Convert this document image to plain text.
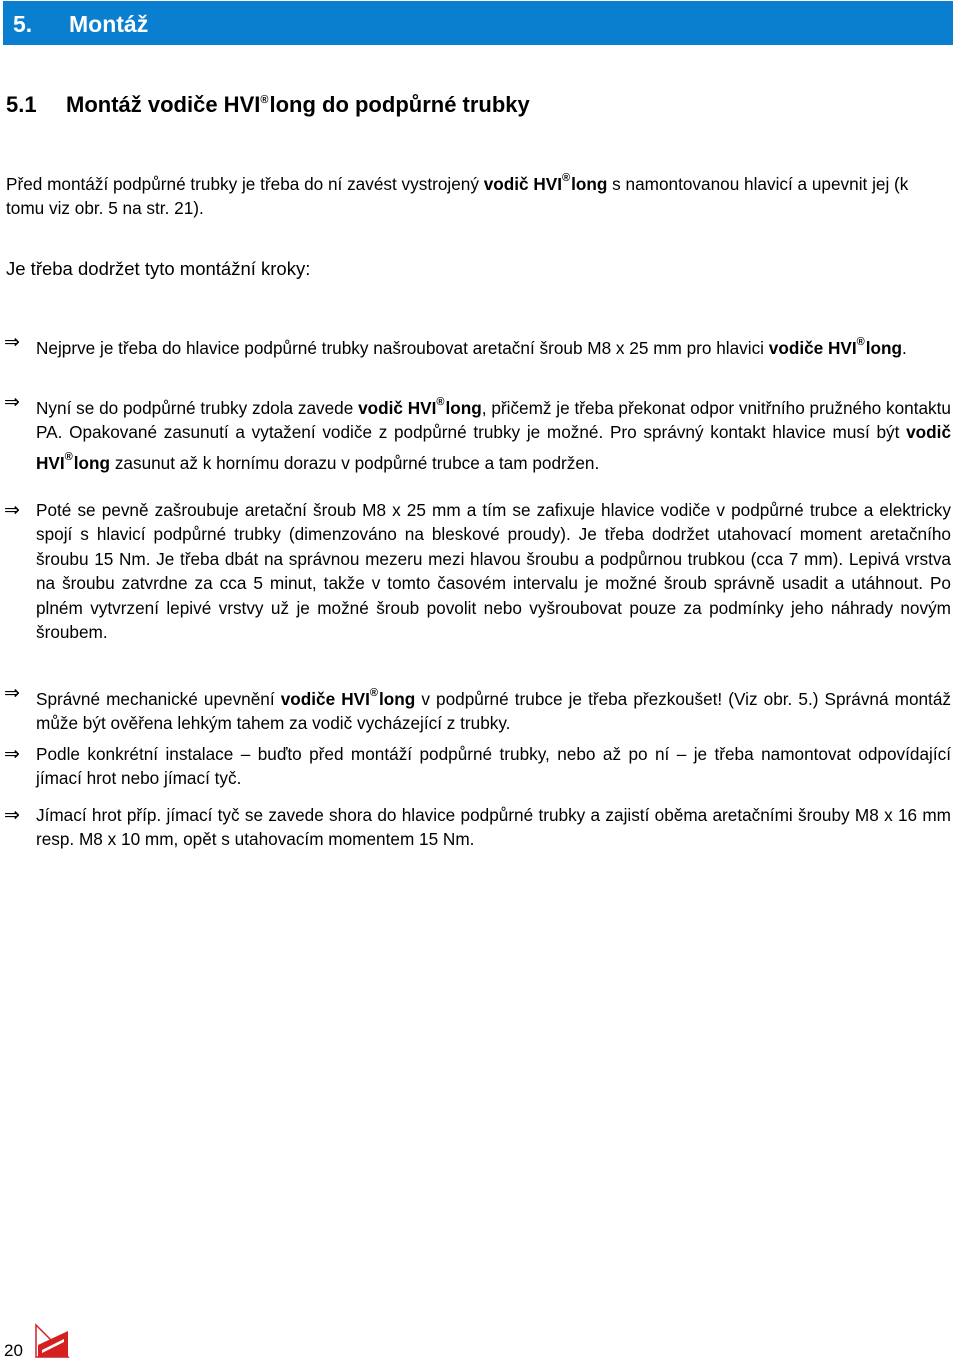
5. Montáž
5.1 Montáž vodiče HVI®long do podpůrné trubky
Před montáží podpůrné trubky je třeba do ní zavést vystrojený vodič HVI®long s namontovanou hlavicí a upevnit jej (k tomu viz obr. 5 na str. 21).
Je třeba dodržet tyto montážní kroky:
⇒ Nejprve je třeba do hlavice podpůrné trubky našroubovat aretační šroub M8 x 25 mm pro hlavici vodiče HVI®long.
⇒ Nyní se do podpůrné trubky zdola zavede vodič HVI®long, přičemž je třeba překonat odpor vnitřního pružného kontaktu PA. Opakované zasunutí a vytažení vodiče z podpůrné trubky je možné. Pro správný kontakt hlavice musí být vodič HVI®long zasunut až k hornímu dorazu v podpůrné trubce a tam podržen.
⇒ Poté se pevně zašroubuje aretační šroub M8 x 25 mm a tím se zafixuje hlavice vodiče v podpůrné trubce a elektricky spojí s hlavicí podpůrné trubky (dimenzováno na bleskové proudy). Je třeba dodržet utahovací moment aretačního šroubu 15 Nm. Je třeba dbát na správnou mezeru mezi hlavou šroubu a podpůrnou trubkou (cca 7 mm). Lepivá vrstva na šroubu zatvrdne za cca 5 minut, takže v tomto časovém intervalu je možné šroub správně usadit a utáhnout. Po plném vytvrzení lepivé vrstvy už je možné šroub povolit nebo vyšroubovat pouze za podmínky jeho náhrady novým šroubem.
⇒ Správné mechanické upevnění vodiče HVI®long v podpůrné trubce je třeba přezkoušet! (Viz obr. 5.) Správná montáž může být ověřena lehkým tahem za vodič vycházející z trubky.
⇒ Podle konkrétní instalace – buďto před montáží podpůrné trubky, nebo až po ní – je třeba namontovat odpovídající jímací hrot nebo jímací tyč.
⇒ Jímací hrot příp. jímací tyč se zavede shora do hlavice podpůrné trubky a zajistí oběma aretačními šrouby M8 x 16 mm resp. M8 x 10 mm, opět s utahovacím momentem 15 Nm.
20
